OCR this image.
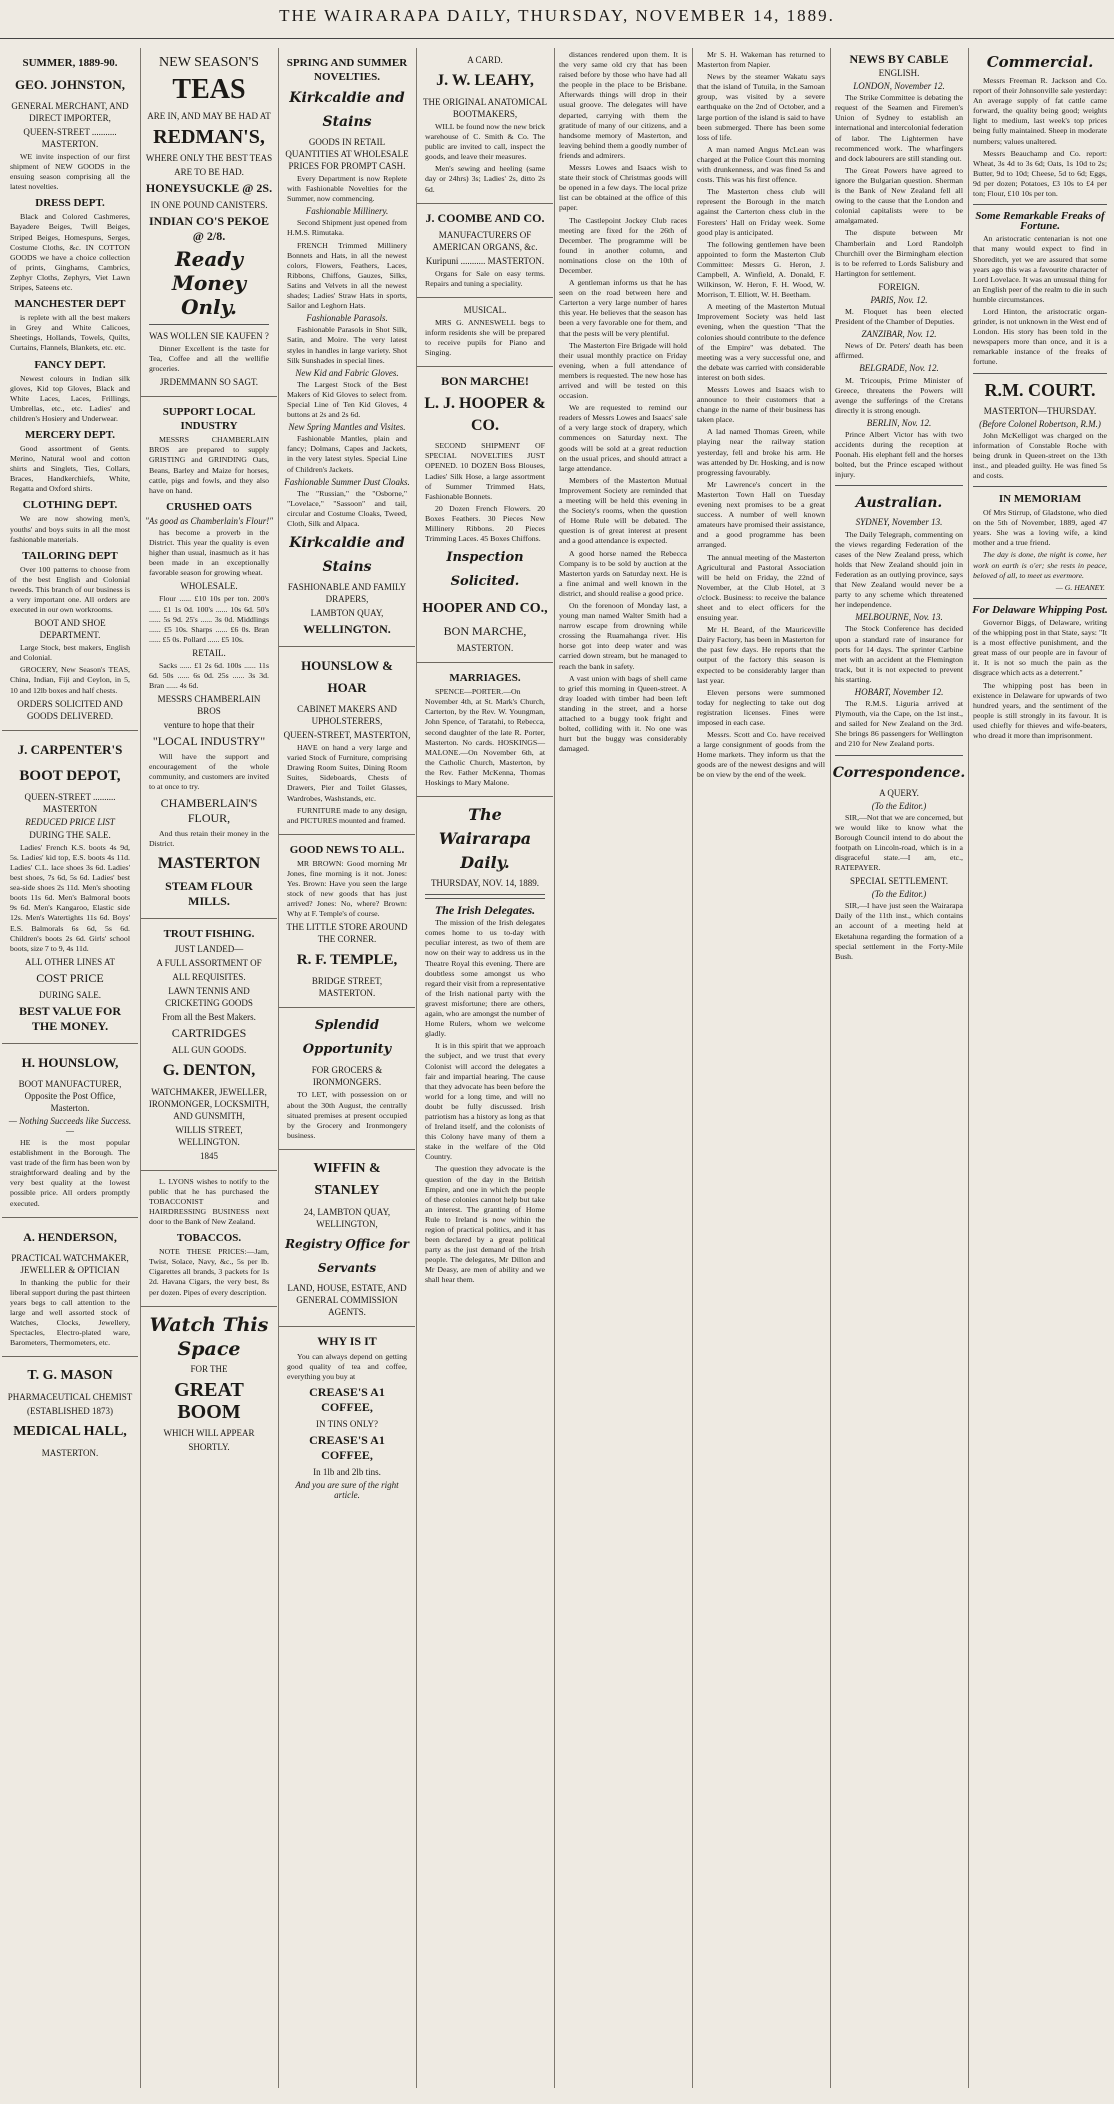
THE WAIRARAPA DAILY, THURSDAY, NOVEMBER 14, 1889.
SUMMER, 1889-90.
GEO. JOHNSTON,
GENERAL MERCHANT, AND DIRECT IMPORTER,
QUEEN-STREET ........... MASTERTON.
WE invite inspection of our first shipment of NEW GOODS in the ensuing season comprising all the latest novelties.
DRESS DEPT.
Black and Colored Cashmeres, Bayadere Beiges, Twill Beiges, Striped Beiges, Homespuns, Serges, Costume Cloths, &c. IN COTTON GOODS we have a choice collection of prints, Ginghams, Cambrics, Zephyr Cloths, Zephyrs, Viet Lawn Stripes, Sateens etc.
MANCHESTER DEPT
is replete with all the best makers in Grey and White Calicoes, Sheetings, Hollands, Towels, Quilts, Curtains, Flannels, Blankets, etc. etc.
FANCY DEPT.
Newest colours in Indian silk gloves, Kid top Gloves, Black and White Laces, Laces, Frillings, Umbrellas, etc., etc. Ladies' and children's Hosiery and Underwear.
MERCERY DEPT.
Good assortment of Gents. Merino, Natural wool and cotton shirts and Singlets, Ties, Collars, Braces, Handkerchiefs, White, Regatta and Oxford shirts.
CLOTHING DEPT.
We are now showing men's, youths' and boys suits in all the most fashionable materials.
TAILORING DEPT
Over 100 patterns to choose from of the best English and Colonial tweeds. This branch of our business is a very important one. All orders are executed in our own workrooms.
BOOT AND SHOE DEPARTMENT.
Large Stock, best makers, English and Colonial.
GROCERY, New Season's TEAS, China, Indian, Fiji and Ceylon, in 5, 10 and 12lb boxes and half chests.
ORDERS SOLICITED AND GOODS DELIVERED.
J. CARPENTER'S
BOOT DEPOT,
QUEEN-STREET .......... MASTERTON
REDUCED PRICE LIST
DURING THE SALE.
Ladies' French K.S. boots 4s 9d, 5s. Ladies' kid top, E.S. boots 4s 11d. Ladies' C.L. lace shoes 3s 6d. Ladies' best shoes, 7s 6d, 5s 6d. Ladies' best sea-side shoes 2s 11d. Men's shooting boots 11s 6d. Men's Balmoral boots 9s 6d. Men's Kangaroo, Elastic side 12s. Men's Watertights 11s 6d. Boys' E.S. Balmorals 6s 6d, 5s 6d. Children's boots 2s 6d. Girls' school boots, size 7 to 9, 4s 11d.
ALL OTHER LINES AT
COST PRICE
DURING SALE.
BEST VALUE FOR THE MONEY.
H. HOUNSLOW,
BOOT MANUFACTURER, Opposite the Post Office, Masterton.
— Nothing Succeeds like Success. —
HE is the most popular establishment in the Borough. The vast trade of the firm has been won by straightforward dealing and by the very best quality at the lowest possible price. All orders promptly executed.
A. HENDERSON,
PRACTICAL WATCHMAKER, JEWELLER & OPTICIAN
In thanking the public for their liberal support during the past thirteen years begs to call attention to the large and well assorted stock of Watches, Clocks, Jewellery, Spectacles, Electro-plated ware, Barometers, Thermometers, etc.
T. G. MASON
PHARMACEUTICAL CHEMIST
(ESTABLISHED 1873)
MEDICAL HALL,
MASTERTON.
NEW SEASON'S
TEAS
ARE IN, AND MAY BE HAD AT
REDMAN'S,
WHERE ONLY THE BEST TEAS
ARE TO BE HAD.
HONEYSUCKLE @ 2S.
IN ONE POUND CANISTERS.
INDIAN CO'S PEKOE @ 2/8.
Ready Money Only.
WAS WOLLEN SIE KAUFEN ?
Dinner Excellent is the taste for Tea, Coffee and all the wellifie groceries.
JRDEMMANN SO SAGT.
SUPPORT LOCAL INDUSTRY
MESSRS CHAMBERLAIN BROS are prepared to supply GRISTING and GRINDING Oats, Beans, Barley and Maize for horses, cattle, pigs and fowls, and they also have on hand.
CRUSHED OATS
"As good as Chamberlain's Flour!"
has become a proverb in the District. This year the quality is even higher than usual, inasmuch as it has been made in an exceptionally favorable season for growing wheat.
WHOLESALE.
Flour ...... £10 10s per ton. 200's ...... £1 1s 0d. 100's ...... 10s 6d. 50's ...... 5s 9d. 25's ...... 3s 0d. Middlings ...... £5 10s. Sharps ...... £6 0s. Bran ...... £5 0s. Pollard ...... £5 10s.
RETAIL.
Sacks ...... £1 2s 6d. 100s ...... 11s 6d. 50s ...... 6s 0d. 25s ...... 3s 3d. Bran ...... 4s 6d.
MESSRS CHAMBERLAIN BROS
venture to hope that their
"LOCAL INDUSTRY"
Will have the support and encouragement of the whole community, and customers are invited to at once to try.
CHAMBERLAIN'S FLOUR,
And thus retain their money in the District.
MASTERTON
STEAM FLOUR MILLS.
TROUT FISHING.
JUST LANDED—
A FULL ASSORTMENT OF
ALL REQUISITES.
LAWN TENNIS AND CRICKETING GOODS
From all the Best Makers.
CARTRIDGES
ALL GUN GOODS.
G. DENTON,
WATCHMAKER, JEWELLER, IRONMONGER, LOCKSMITH, AND GUNSMITH,
WILLIS STREET, WELLINGTON.
1845
L. LYONS wishes to notify to the public that he has purchased the TOBACCONIST and HAIRDRESSING BUSINESS next door to the Bank of New Zealand.
TOBACCOS.
NOTE THESE PRICES:—Jam, Twist, Solace, Navy, &c., 5s per lb. Cigarettes all brands, 3 packets for 1s 2d. Havana Cigars, the very best, 8s per dozen. Pipes of every description.
Watch This Space
FOR THE
GREAT BOOM
WHICH WILL APPEAR
SHORTLY.
SPRING AND SUMMER NOVELTIES.
Kirkcaldie and Stains
GOODS IN RETAIL QUANTITIES AT WHOLESALE PRICES FOR PROMPT CASH.
Every Department is now Replete with Fashionable Novelties for the Summer, now commencing.
Fashionable Millinery.
Second Shipment just opened from H.M.S. Rimutaka.
FRENCH Trimmed Millinery Bonnets and Hats, in all the newest colors, Flowers, Feathers, Laces, Ribbons, Chiffons, Gauzes, Silks, Satins and Velvets in all the newest shades; Ladies' Straw Hats in sports, Sailor and Leghorn Hats.
Fashionable Parasols.
Fashionable Parasols in Shot Silk, Satin, and Moire. The very latest styles in handles in large variety. Shot Silk Sunshades in special lines.
New Kid and Fabric Gloves.
The Largest Stock of the Best Makers of Kid Gloves to select from. Special Line of Ten Kid Gloves, 4 buttons at 2s and 2s 6d.
New Spring Mantles and Visites.
Fashionable Mantles, plain and fancy; Dolmans, Capes and Jackets, in the very latest styles. Special Line of Children's Jackets.
Fashionable Summer Dust Cloaks.
The "Russian," the "Osborne," "Lovelace," "Sassoon" and tail, circular and Costume Cloaks, Tweed, Cloth, Silk and Alpaca.
Kirkcaldie and Stains
FASHIONABLE AND FAMILY DRAPERS,
LAMBTON QUAY,
WELLINGTON.
HOUNSLOW & HOAR
CABINET MAKERS AND UPHOLSTERERS,
QUEEN-STREET, MASTERTON,
HAVE on hand a very large and varied Stock of Furniture, comprising Drawing Room Suites, Dining Room Suites, Sideboards, Chests of Drawers, Pier and Toilet Glasses, Wardrobes, Washstands, etc.
FURNITURE made to any design, and PICTURES mounted and framed.
GOOD NEWS TO ALL.
MR BROWN: Good morning Mr Jones, fine morning is it not. Jones: Yes. Brown: Have you seen the large stock of new goods that has just arrived? Jones: No, where? Brown: Why at F. Temple's of course.
THE LITTLE STORE AROUND THE CORNER.
R. F. TEMPLE,
BRIDGE STREET, MASTERTON.
Splendid Opportunity
FOR GROCERS & IRONMONGERS.
TO LET, with possession on or about the 30th August, the centrally situated premises at present occupied by the Grocery and Ironmongery business.
WIFFIN & STANLEY
24, LAMBTON QUAY, WELLINGTON,
Registry Office for Servants
LAND, HOUSE, ESTATE, AND GENERAL COMMISSION AGENTS.
WHY IS IT
You can always depend on getting good quality of tea and coffee, everything you buy at
CREASE'S A1 COFFEE,
IN TINS ONLY?
CREASE'S A1 COFFEE,
In 1lb and 2lb tins.
And you are sure of the right article.
A CARD.
J. W. LEAHY,
THE ORIGINAL ANATOMICAL BOOTMAKERS,
WILL be found now the new brick warehouse of C. Smith & Co. The public are invited to call, inspect the goods, and leave their measures.
Men's sewing and heeling (same day or 24hrs) 3s; Ladies' 2s, ditto 2s 6d.
J. COOMBE AND CO.
MANUFACTURERS OF AMERICAN ORGANS, &c.
Kuripuni ........... MASTERTON.
Organs for Sale on easy terms. Repairs and tuning a speciality.
MUSICAL.
MRS G. ANNESWELL begs to inform residents she will be prepared to receive pupils for Piano and Singing.
BON MARCHE!
L. J. HOOPER & CO.
SECOND SHIPMENT OF SPECIAL NOVELTIES JUST OPENED. 10 DOZEN Boss Blouses, Ladies' Silk Hose, a large assortment of Summer Trimmed Hats, Fashionable Bonnets.
20 Dozen French Flowers. 20 Boxes Feathers. 30 Pieces New Millinery Ribbons. 20 Pieces Trimming Laces. 45 Boxes Chiffons.
Inspection Solicited.
HOOPER AND CO.,
BON MARCHE,
MASTERTON.
MARRIAGES.
SPENCE—PORTER.—On November 4th, at St. Mark's Church, Carterton, by the Rev. W. Youngman, John Spence, of Taratahi, to Rebecca, second daughter of the late R. Porter, Masterton. No cards. HOSKINGS—MALONE.—On November 6th, at the Catholic Church, Masterton, by the Rev. Father McKenna, Thomas Hoskings to Mary Malone.
The Wairarapa Daily.
THURSDAY, NOV. 14, 1889.
The Irish Delegates.
The mission of the Irish delegates comes home to us to-day with peculiar interest, as two of them are now on their way to address us in the Theatre Royal this evening. There are doubtless some amongst us who regard their visit from a representative of the Irish national party with the gravest misfortune; there are others, again, who are amongst the number of Home Rulers, whom we welcome gladly.
It is in this spirit that we approach the subject, and we trust that every Colonist will accord the delegates a fair and impartial hearing. The cause that they advocate has been before the world for a long time, and will no doubt be fully discussed. Irish patriotism has a history as long as that of Ireland itself, and the colonists of this Colony have many of them a stake in the welfare of the Old Country.
The question they advocate is the question of the day in the British Empire, and one in which the people of these colonies cannot help but take an interest. The granting of Home Rule to Ireland is now within the region of practical politics, and it has been declared by a great political party as the just demand of the Irish people. The delegates, Mr Dillon and Mr Deasy, are men of ability and we shall hear them.
distances rendered upon them. It is the very same old cry that has been raised before by those who have had all the people in the place to be Brisbane. Afterwards things will drop in their usual groove. The delegates will have departed, carrying with them the gratitude of many of our citizens, and a handsome memory of Masterton, and leaving behind them a goodly number of friends and admirers.
Messrs Lowes and Isaacs wish to state their stock of Christmas goods will be opened in a few days. The local prize list can be obtained at the office of this paper.
The Castlepoint Jockey Club races meeting are fixed for the 26th of December. The programme will be found in another column, and nominations close on the 10th of December.
A gentleman informs us that he has seen on the road between here and Carterton a very large number of hares this year. He believes that the season has been a very favorable one for them, and that the pests will be very plentiful.
The Masterton Fire Brigade will hold their usual monthly practice on Friday evening, when a full attendance of members is requested. The new hose has arrived and will be tested on this occasion.
We are requested to remind our readers of Messrs Lowes and Isaacs' sale of a very large stock of drapery, which commences on Saturday next. The goods will be sold at a great reduction on the usual prices, and should attract a large attendance.
Members of the Masterton Mutual Improvement Society are reminded that a meeting will be held this evening in the Society's rooms, when the question of Home Rule will be debated. The question is of great interest at present and a good attendance is expected.
A good horse named the Rebecca Company is to be sold by auction at the Masterton yards on Saturday next. He is a fine animal and well known in the district, and should realise a good price.
On the forenoon of Monday last, a young man named Walter Smith had a narrow escape from drowning while crossing the Ruamahanga river. His horse got into deep water and was carried down stream, but he managed to reach the bank in safety.
A vast union with bags of shell came to grief this morning in Queen-street. A dray loaded with timber had been left standing in the street, and a horse attached to a buggy took fright and bolted, colliding with it. No one was hurt but the buggy was considerably damaged.
Mr S. H. Wakeman has returned to Masterton from Napier.
News by the steamer Wakatu says that the island of Tutuila, in the Samoan group, was visited by a severe earthquake on the 2nd of October, and a large portion of the island is said to have been submerged. There has been some loss of life.
A man named Angus McLean was charged at the Police Court this morning with drunkenness, and was fined 5s and costs. This was his first offence.
The Masterton chess club will represent the Borough in the match against the Carterton chess club in the Foresters' Hall on Friday week. Some good play is anticipated.
The following gentlemen have been appointed to form the Masterton Club Committee: Messrs G. Heron, J. Campbell, A. Winfield, A. Donald, F. Wilkinson, W. Heron, F. H. Wood, W. Morrison, T. Elliott, W. H. Beetham.
A meeting of the Masterton Mutual Improvement Society was held last evening, when the question "That the colonies should contribute to the defence of the Empire" was debated. The meeting was a very successful one, and the debate was carried with considerable interest on both sides.
Messrs Lowes and Isaacs wish to announce to their customers that a change in the name of their business has taken place.
A lad named Thomas Green, while playing near the railway station yesterday, fell and broke his arm. He was attended by Dr. Hosking, and is now progressing favourably.
Mr Lawrence's concert in the Masterton Town Hall on Tuesday evening next promises to be a great success. A number of well known amateurs have promised their assistance, and a good programme has been arranged.
The annual meeting of the Masterton Agricultural and Pastoral Association will be held on Friday, the 22nd of November, at the Club Hotel, at 3 o'clock. Business: to receive the balance sheet and to elect officers for the ensuing year.
Mr H. Beard, of the Mauriceville Dairy Factory, has been in Masterton for the past few days. He reports that the output of the factory this season is expected to be considerably larger than last year.
Eleven persons were summoned today for neglecting to take out dog registration licenses. Fines were imposed in each case.
Messrs. Scott and Co. have received a large consignment of goods from the Home markets. They inform us that the goods are of the newest designs and will be on view by the end of the week.
NEWS BY CABLE
ENGLISH.
LONDON, November 12.
The Strike Committee is debating the request of the Seamen and Firemen's Union of Sydney to establish an international and intercolonial federation of labor. The Lightermen have recommenced work. The wharfingers and dock labourers are still standing out.
The Great Powers have agreed to ignore the Bulgarian question. Sherman is the Bank of New Zealand fell all owing to the cause that the London and colonial capitalists were to be amalgamated.
The dispute between Mr Chamberlain and Lord Randolph Churchill over the Birmingham election is to be referred to Lords Salisbury and Hartington for settlement.
FOREIGN.
PARIS, Nov. 12.
M. Floquet has been elected President of the Chamber of Deputies.
ZANZIBAR, Nov. 12.
News of Dr. Peters' death has been affirmed.
BELGRADE, Nov. 12.
M. Tricoupis, Prime Minister of Greece, threatens the Powers will avenge the sufferings of the Cretans directly it is strong enough.
BERLIN, Nov. 12.
Prince Albert Victor has with two accidents during the reception at Poonah. His elephant fell and the horses bolted, but the Prince escaped without injury.
Australian.
SYDNEY, November 13.
The Daily Telegraph, commenting on the views regarding Federation of the cases of the New Zealand press, which holds that New Zealand should join in Federation as an outlying province, says that New Zealand would never be a party to any scheme which threatened her independence.
MELBOURNE, Nov. 13.
The Stock Conference has decided upon a standard rate of insurance for ports for 14 days. The sprinter Carbine met with an accident at the Flemington track, but it is not expected to prevent his starting.
HOBART, November 12.
The R.M.S. Liguria arrived at Plymouth, via the Cape, on the 1st inst., and sailed for New Zealand on the 3rd. She brings 86 passengers for Wellington and 210 for New Zealand ports.
Correspondence.
A QUERY.
(To the Editor.)
SIR,—Not that we are concerned, but we would like to know what the Borough Council intend to do about the footpath on Lincoln-road, which is in a disgraceful state.—I am, etc., RATEPAYER.
SPECIAL SETTLEMENT.
(To the Editor.)
SIR,—I have just seen the Wairarapa Daily of the 11th inst., which contains an account of a meeting held at Eketahuna regarding the formation of a special settlement in the Forty-Mile Bush.
Commercial.
Messrs Freeman R. Jackson and Co. report of their Johnsonville sale yesterday: An average supply of fat cattle came forward, the quality being good; weights light to medium, last week's top prices being fully maintained. Sheep in moderate numbers; values unaltered.
Messrs Beauchamp and Co. report: Wheat, 3s 4d to 3s 6d; Oats, 1s 10d to 2s; Butter, 9d to 10d; Cheese, 5d to 6d; Eggs, 9d per dozen; Potatoes, £3 10s to £4 per ton; Flour, £10 10s per ton.
Some Remarkable Freaks of Fortune.
An aristocratic centenarian is not one that many would expect to find in Shoreditch, yet we are assured that some years ago this was a favourite character of Lord Lovelace. It was an unusual thing for an English peer of the realm to die in such humble circumstances.
Lord Hinton, the aristocratic organ-grinder, is not unknown in the West end of London. His story has been told in the newspapers more than once, and it is a remarkable instance of the freaks of fortune.
R.M. COURT.
MASTERTON—THURSDAY.
(Before Colonel Robertson, R.M.)
John McKelligot was charged on the information of Constable Roche with being drunk in Queen-street on the 13th inst., and pleaded guilty. He was fined 5s and costs.
IN MEMORIAM
Of Mrs Stirrup, of Gladstone, who died on the 5th of November, 1889, aged 47 years. She was a loving wife, a kind mother and a true friend.
The day is done, the night is come, her work on earth is o'er; she rests in peace, beloved of all, to meet us evermore.
— G. HEANEY.
For Delaware Whipping Post.
Governor Biggs, of Delaware, writing of the whipping post in that State, says: "It is a most effective punishment, and the great mass of our people are in favour of it. It is not so much the pain as the disgrace which acts as a deterrent."
The whipping post has been in existence in Delaware for upwards of two hundred years, and the sentiment of the people is still strongly in its favour. It is used chiefly for thieves and wife-beaters, who dread it more than imprisonment.
